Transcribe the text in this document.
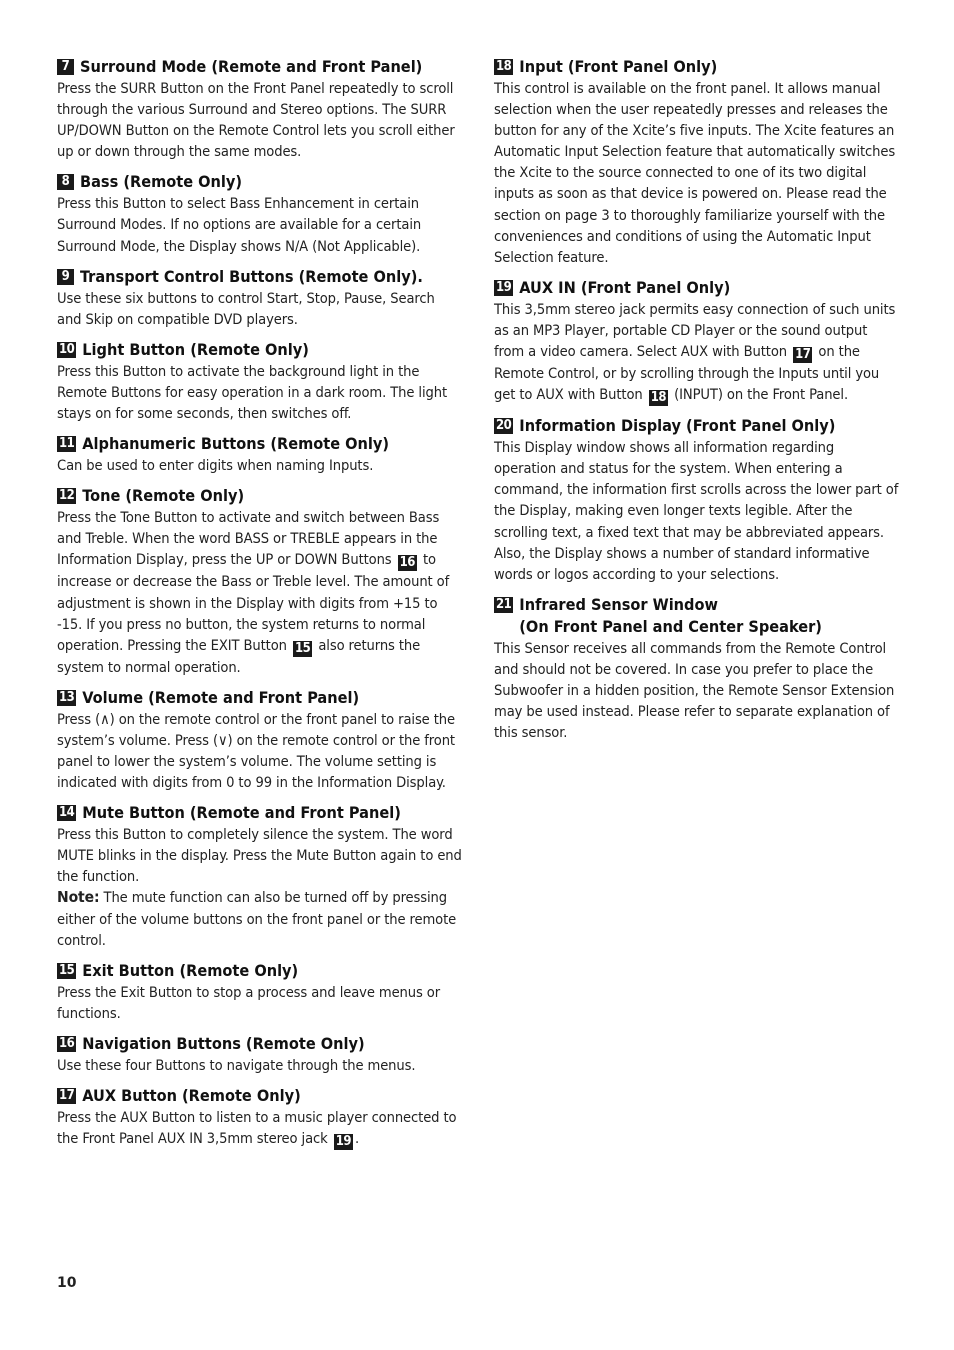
7 Surround Mode (Remote and Front Panel)

Press the SURR Button on the Front Panel repeatedly to scroll through the various Surround and Stereo options. The SURR UP/DOWN Button on the Remote Control lets you scroll either up or down through the same modes.

8 Bass (Remote Only)

Press this Button to select Bass Enhancement in certain Surround Modes. If no options are available for a certain Surround Mode, the Display shows N/A (Not Applicable).

9 Transport Control Buttons (Remote Only).

Use these six buttons to control Start, Stop, Pause, Search and Skip on compatible DVD players.

10 Light Button (Remote Only)

Press this Button to activate the background light in the Remote Buttons for easy operation in a dark room. The light stays on for some seconds, then switches off.

11 Alphanumeric Buttons (Remote Only)

Can be used to enter digits when naming Inputs.

12 Tone (Remote Only)

Press the Tone Button to activate and switch between Bass and Treble. When the word BASS or TREBLE appears in the Information Display, press the UP or DOWN Buttons 16 to increase or decrease the Bass or Treble level. The amount of adjustment is shown in the Display with digits from +15 to -15. If you press no button, the system returns to normal operation. Pressing the EXIT Button 15 also returns the system to normal operation.

13 Volume (Remote and Front Panel)

Press (∧) on the remote control or the front panel to raise the system’s volume. Press (∨) on the remote control or the front panel to lower the system’s volume. The volume setting is indicated with digits from 0 to 99 in the Information Display.

14 Mute Button (Remote and Front Panel)

Press this Button to completely silence the system. The word MUTE blinks in the display. Press the Mute Button again to end the function.

Note: The mute function can also be turned off by pressing either of the volume buttons on the front panel or the remote control.

15 Exit Button (Remote Only)

Press the Exit Button to stop a process and leave menus or functions.

16 Navigation Buttons (Remote Only)

Use these four Buttons to navigate through the menus.

17 AUX Button (Remote Only)

Press the AUX Button to listen to a music player connected to the Front Panel AUX IN 3,5mm stereo jack 19 .

18 Input (Front Panel Only)

This control is available on the front panel. It allows manual selection when the user repeatedly presses and releases the button for any of the Xcite’s five inputs. The Xcite features an Automatic Input Selection feature that automatically switches the Xcite to the source connected to one of its two digital inputs as soon as that device is powered on. Please read the section on page 3 to thoroughly familiarize yourself with the conveniences and conditions of using the Automatic Input Selection feature.

19 AUX IN (Front Panel Only)

This 3,5mm stereo jack permits easy connection of such units as an MP3 Player, portable CD Player or the sound output from a video camera. Select AUX with Button 17 on the Remote Control, or by scrolling through the Inputs until you get to AUX with Button 18 (INPUT) on the Front Panel.

20 Information Display (Front Panel Only)

This Display window shows all information regarding operation and status for the system. When entering a command, the information first scrolls across the lower part of the Display, making even longer texts legible. After the scrolling text, a fixed text that may be abbreviated appears. Also, the Display shows a number of standard informative words or logos according to your selections.

21 Infrared Sensor Window
(On Front Panel and Center Speaker)

This Sensor receives all commands from the Remote Control and should not be covered. In case you prefer to place the Subwoofer in a hidden position, the Remote Sensor Extension may be used instead. Please refer to separate explanation of this sensor.

10
